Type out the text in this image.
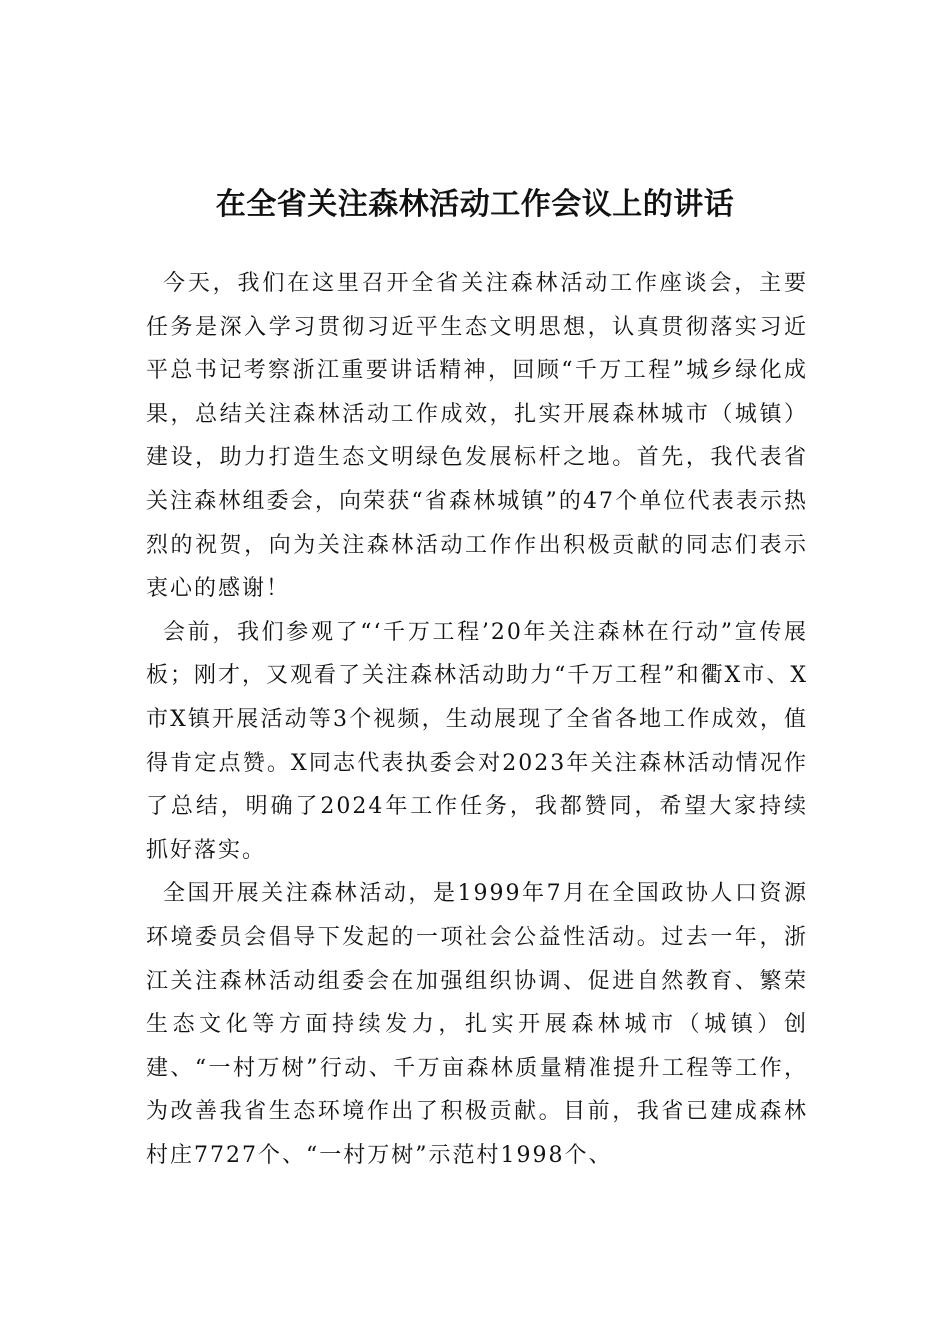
在全省关注森林活动工作会议上的讲话

今天，我们在这里召开全省关注森林活动工作座谈会，主要任务是深入学习贯彻习近平生态文明思想，认真贯彻落实习近平总书记考察浙江重要讲话精神，回顾“千万工程”城乡绿化成果，总结关注森林活动工作成效，扎实开展森林城市（城镇）建设，助力打造生态文明绿色发展标杆之地。首先，我代表省关注森林组委会，向荣获“省森林城镇”的47个单位代表表示热烈的祝贺，向为关注森林活动工作作出积极贡献的同志们表示衷心的感谢！

会前，我们参观了“‘千万工程’20年关注森林在行动”宣传展板；刚才，又观看了关注森林活动助力“千万工程”和衢X市、X市X镇开展活动等3个视频，生动展现了全省各地工作成效，值得肯定点赞。X同志代表执委会对2023年关注森林活动情况作了总结，明确了2024年工作任务，我都赞同，希望大家持续抓好落实。

全国开展关注森林活动，是1999年7月在全国政协人口资源环境委员会倡导下发起的一项社会公益性活动。过去一年，浙江关注森林活动组委会在加强组织协调、促进自然教育、繁荣生态文化等方面持续发力，扎实开展森林城市（城镇）创建、“一村万树”行动、千万亩森林质量精准提升工程等工作，为改善我省生态环境作出了积极贡献。目前，我省已建成森林村庄7727个、“一村万树”示范村1998个、
